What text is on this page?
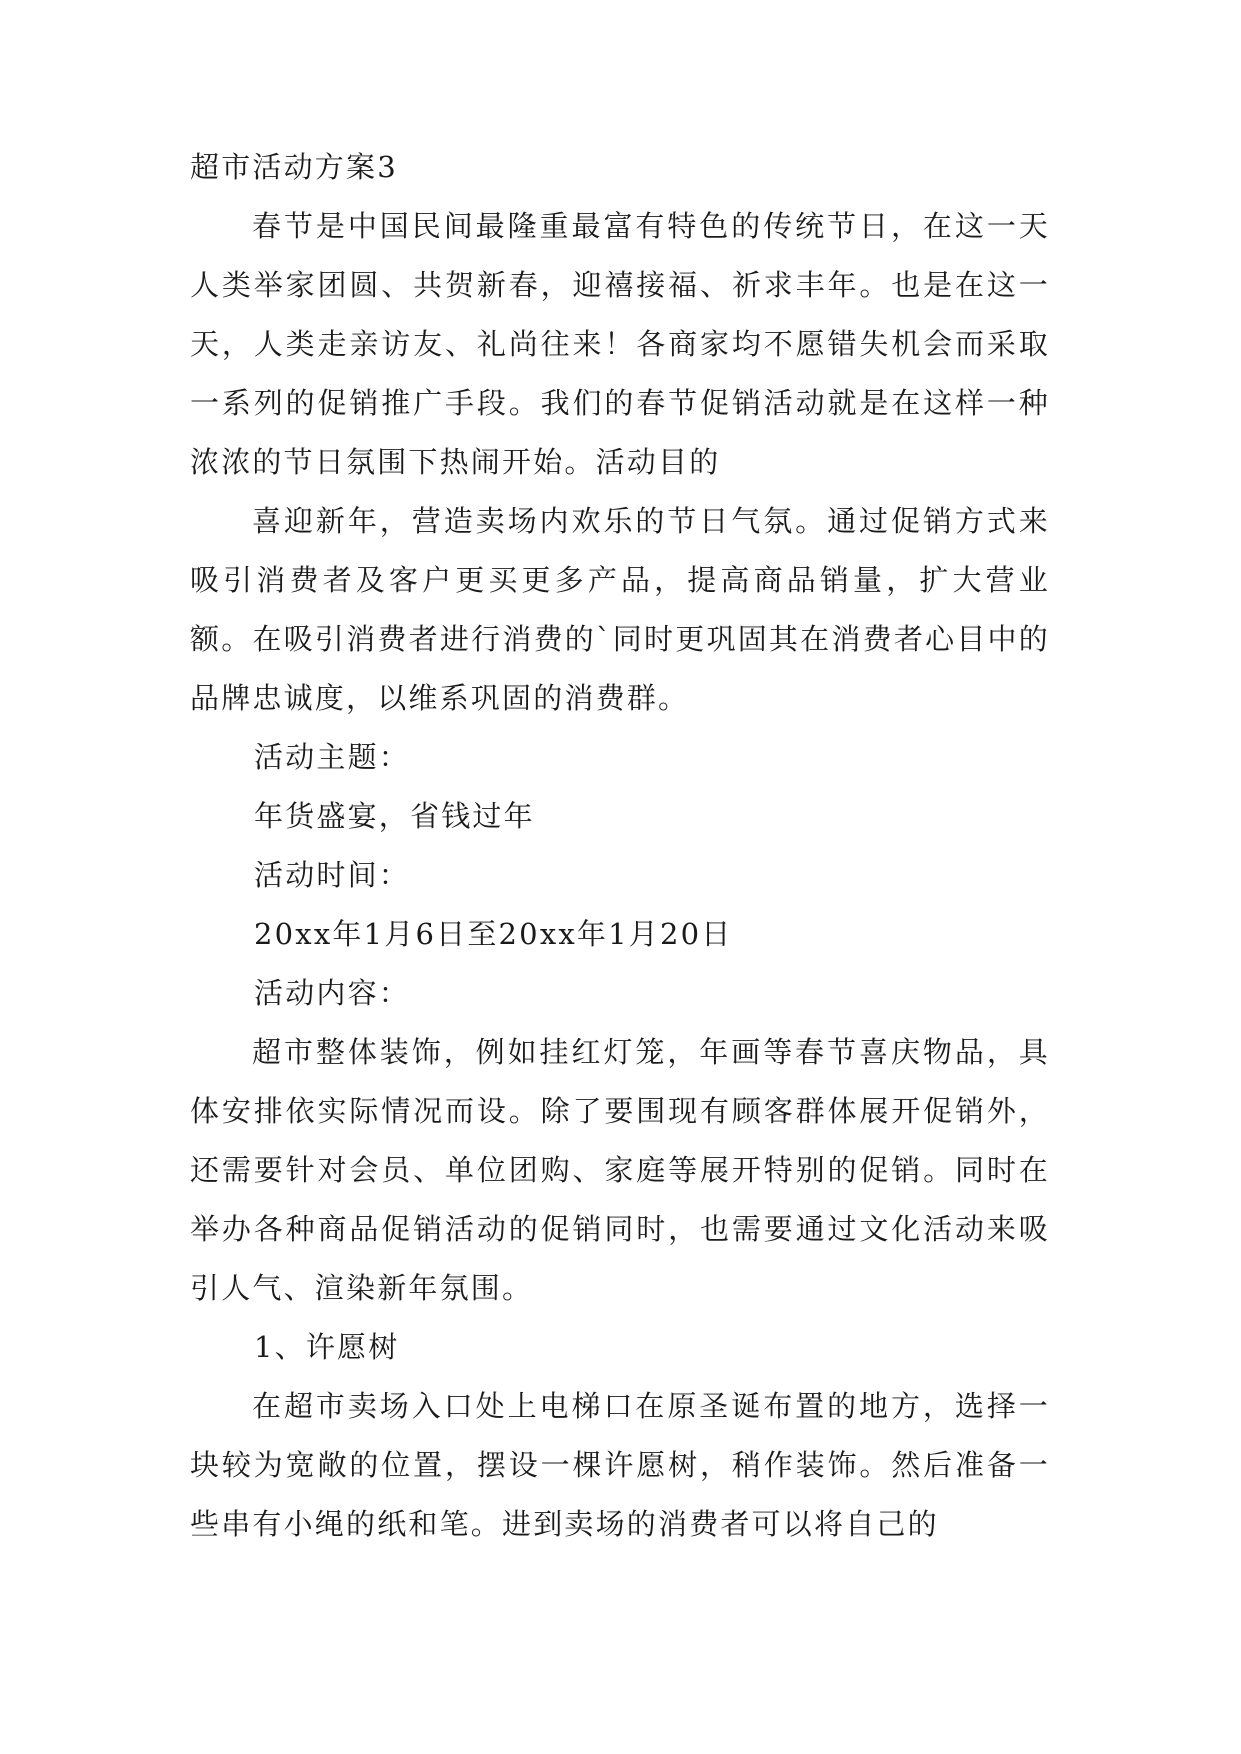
超市活动方案3

春节是中国民间最隆重最富有特色的传统节日，在这一天人类举家团圆、共贺新春，迎禧接福、祈求丰年。也是在这一天，人类走亲访友、礼尚往来！各商家均不愿错失机会而采取一系列的促销推广手段。我们的春节促销活动就是在这样一种浓浓的节日氛围下热闹开始。活动目的

喜迎新年，营造卖场内欢乐的节日气氛。通过促销方式来吸引消费者及客户更买更多产品，提高商品销量，扩大营业额。在吸引消费者进行消费的`同时更巩固其在消费者心目中的品牌忠诚度，以维系巩固的消费群。

活动主题：

年货盛宴，省钱过年

活动时间：

20xx年1月6日至20xx年1月20日

活动内容：

超市整体装饰，例如挂红灯笼，年画等春节喜庆物品，具体安排依实际情况而设。除了要围现有顾客群体展开促销外，还需要针对会员、单位团购、家庭等展开特别的促销。同时在举办各种商品促销活动的促销同时，也需要通过文化活动来吸引人气、渲染新年氛围。

1、许愿树

在超市卖场入口处上电梯口在原圣诞布置的地方，选择一块较为宽敞的位置，摆设一棵许愿树，稍作装饰。然后准备一些串有小绳的纸和笔。进到卖场的消费者可以将自己的
